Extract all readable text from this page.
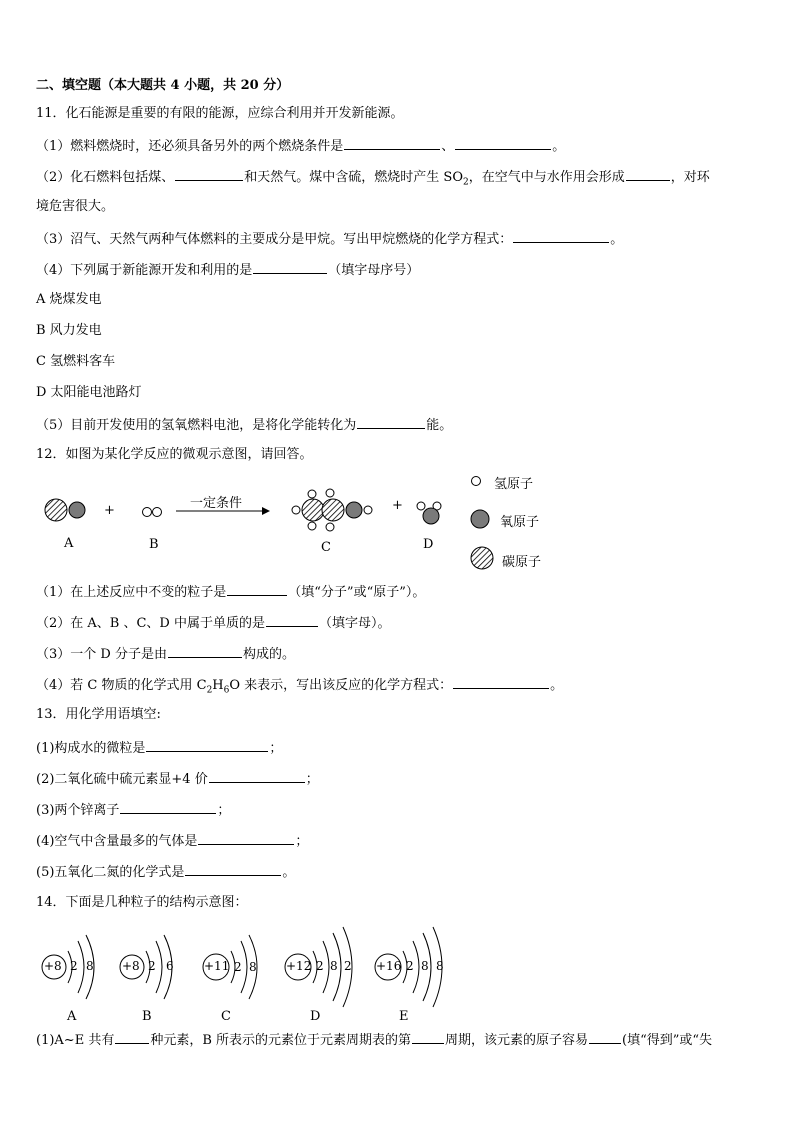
二、填空题（本大题共 4 小题，共 20 分）
11．化石能源是重要的有限的能源，应综合利用并开发新能源。
（1）燃料燃烧时，还必须具备另外的两个燃烧条件是	、	。
（2）化石燃料包括煤、	和天然气。煤中含硫，燃烧时产生 $SO_2$，在空气中与水作用会形成	，对环
境危害很大。
（3）沼气、天然气两种气体燃料的主要成分是甲烷。写出甲烷燃烧的化学方程式：	。
（4）下列属于新能源开发和利用的是	（填字母序号）
A 烧煤发电
B 风力发电
C 氢燃料客车
D 太阳能电池路灯
（5）目前开发使用的氢氧燃料电池，是将化学能转化为	能。
12．如图为某化学反应的微观示意图，请回答。
+	+
一定条件
A	B	C	D
氢原子
氧原子
碳原子
（1）在上述反应中不变的粒子是	（填“分子”或“原子”）。
（2）在 A、B 、C、D 中属于单质的是	（填字母）。
（3）一个 D 分子是由	构成的。
（4）若 C 物质的化学式用 $C_2H_6O$ 来表示，写出该反应的化学方程式：	。
13．用化学用语填空:
(1)构成水的微粒是	；
(2)二氧化硫中硫元素显+4 价	；
(3)两个锌离子	；
(4)空气中含量最多的气体是	；
(5)五氧化二氮的化学式是	。
14．下面是几种粒子的结构示意图：
+8	+8	+11	+12	+16
2 8	2 6	2 8	2 8 2	2 8 8
A	B	C	D	E
(1)A~E 共有	种元素，B 所表示的元素位于元素周期表的第	周期，该元素的原子容易	(填“得到”或“失
